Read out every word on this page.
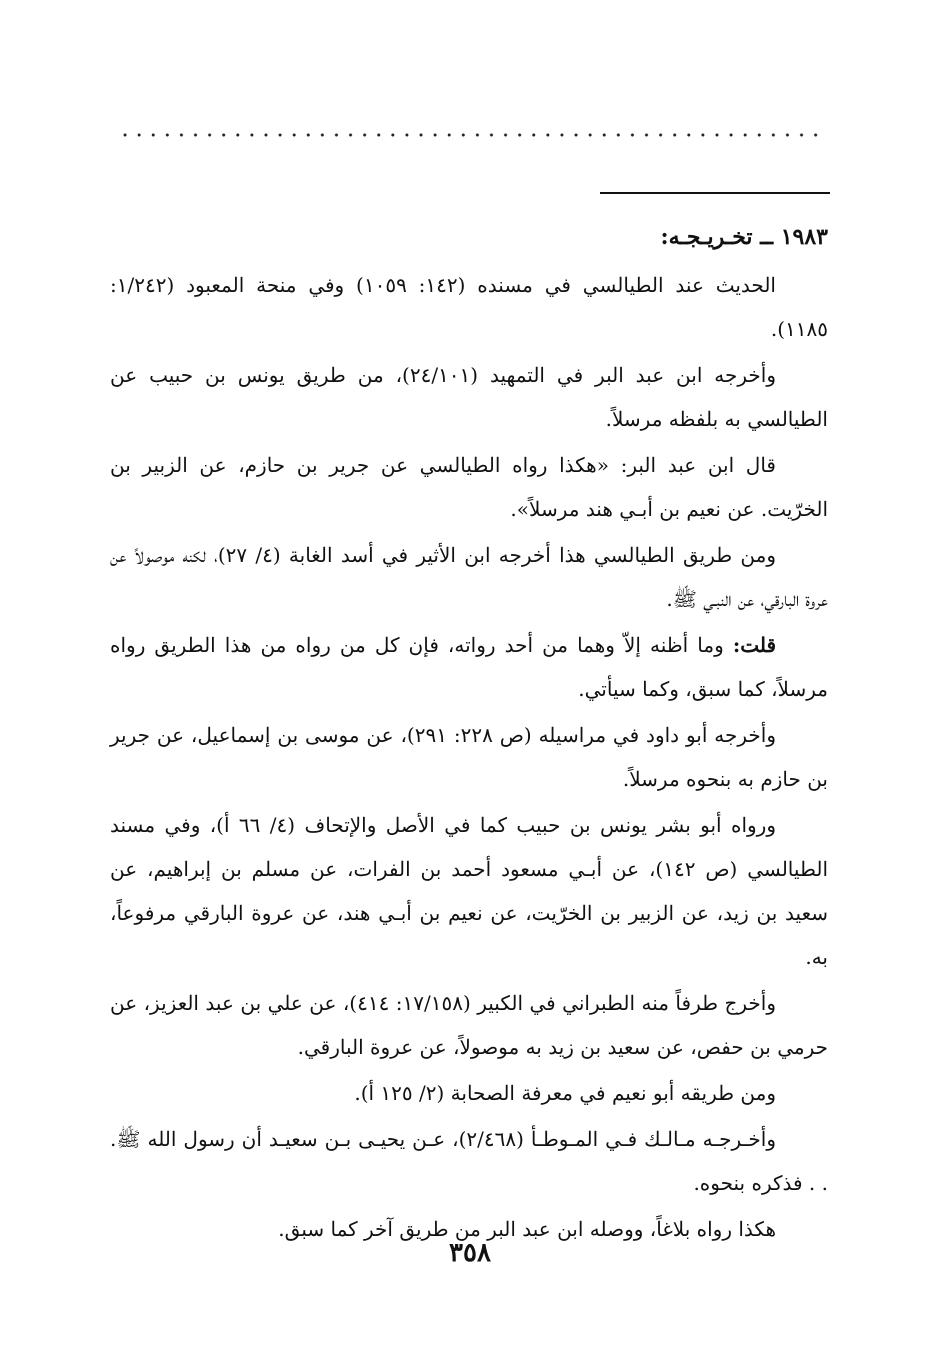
١٩٨٣ ــ تخـريـجـه:

الحديث عند الطيالسي في مسنده (١٤٢: ١٠٥٩) وفي منحة المعبود (١/٢٤٢: ١١٨٥).

وأخرجه ابن عبد البر في التمهيد (٢٤/١٠١)، من طريق يونس بن حبيب عن الطيالسي به بلفظه مرسلاً.

قال ابن عبد البر: «هكذا رواه الطيالسي عن جرير بن حازم، عن الزبير بن الخرّيت. عن نعيم بن أبـي هند مرسلاً».

ومن طريق الطيالسي هذا أخرجه ابن الأثير في أسد الغابة (٤/ ٢٧)، لكنه موصولاً عن عروة البارقي، عن النبـي ﷺ.

قلت: وما أظنه إلاّ وهما من أحد رواته، فإن كل من رواه من هذا الطريق رواه مرسلاً، كما سبق، وكما سيأتي.

وأخرجه أبو داود في مراسيله (ص ٢٢٨: ٢٩١)، عن موسى بن إسماعيل، عن جرير بن حازم به بنحوه مرسلاً.

ورواه أبو بشر يونس بن حبيب كما في الأصل والإتحاف (٤/ ٦٦ أ)، وفي مسند الطيالسي (ص ١٤٢)، عن أبـي مسعود أحمد بن الفرات، عن مسلم بن إبراهيم، عن سعيد بن زيد، عن الزبير بن الخرّيت، عن نعيم بن أبـي هند، عن عروة البارقي مرفوعاً، به.

وأخرج طرفاً منه الطبراني في الكبير (١٧/١٥٨: ٤١٤)، عن علي بن عبد العزيز، عن حرمي بن حفص، عن سعيد بن زيد به موصولاً، عن عروة البارقي.

ومن طريقه أبو نعيم في معرفة الصحابة (٢/ ١٢٥ أ).

وأخـرجـه مـالـك فـي المـوطـأ (٢/٤٦٨)، عـن يحيـى بـن سعيـد أن رسول الله ﷺ. . . فذكره بنحوه.

هكذا رواه بلاغاً، ووصله ابن عبد البر من طريق آخر كما سبق.

٣٥٨
